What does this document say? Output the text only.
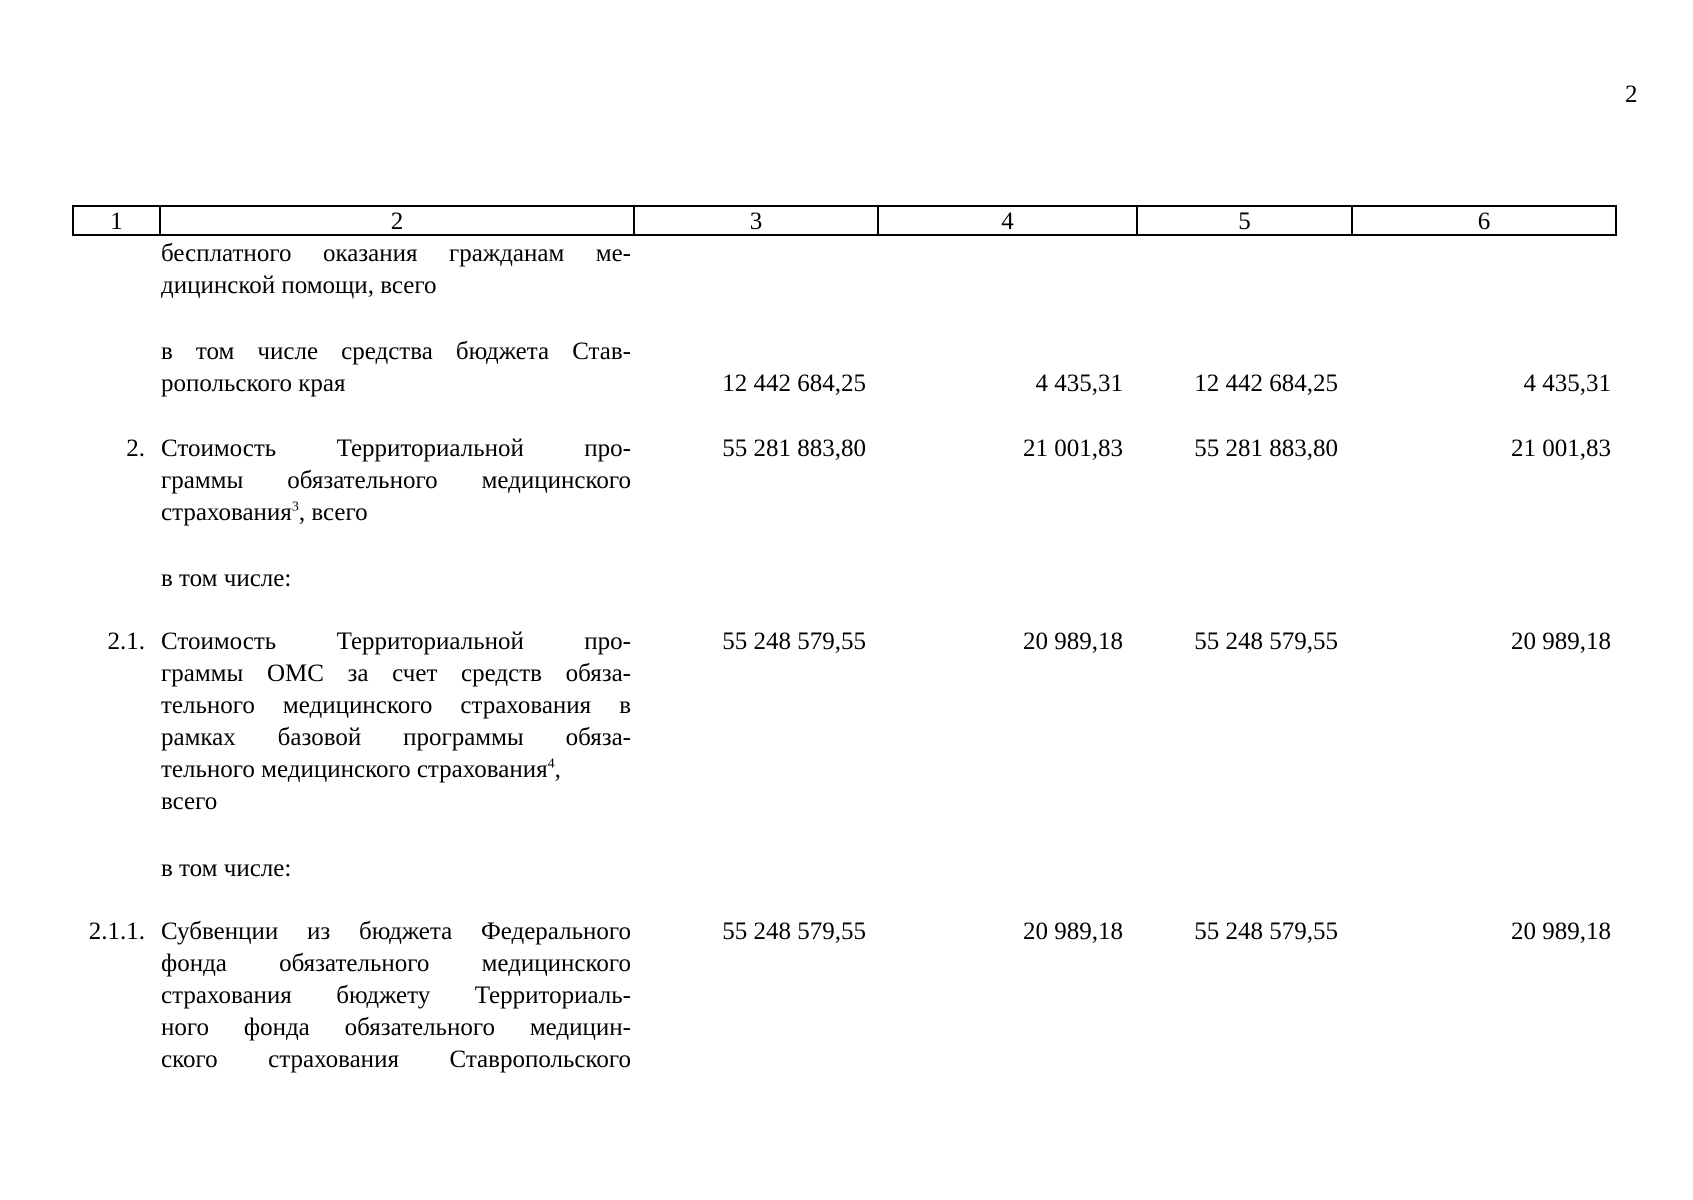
2
1	2	3	4	5	6
бесплатного оказания гражданам ме-
дицинской помощи, всего
в том числе средства бюджета Став-
ропольского края	12 442 684,25	4 435,31	12 442 684,25	4 435,31
2. Стоимость Территориальной про-
граммы обязательного медицинского
страхования$^3$, всего
55 281 883,80	21 001,83	55 281 883,80	21 001,83
в том числе:
2.1. Стоимость Территориальной про-
граммы ОМС за счет средств обяза-
тельного медицинского страхования в
рамках базовой программы обяза-
тельного медицинского страхования$^4$,
всего
55 248 579,55	20 989,18	55 248 579,55	20 989,18
в том числе:
2.1.1. Субвенции из бюджета Федерального
фонда обязательного медицинского
страхования бюджету Территориаль-
ного фонда обязательного медицин-
ского страхования Ставропольского
55 248 579,55	20 989,18	55 248 579,55	20 989,18
